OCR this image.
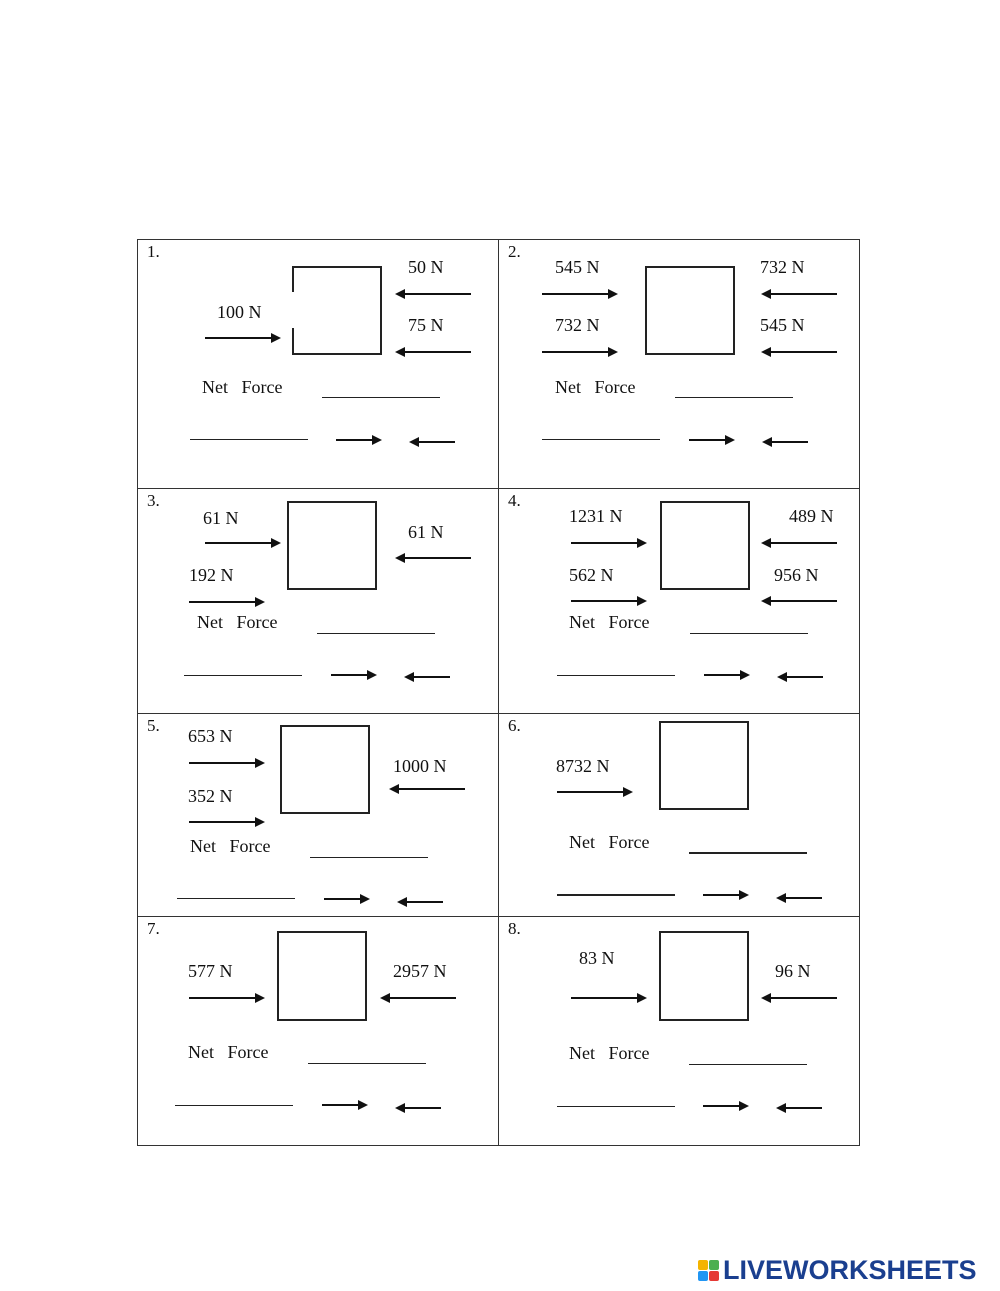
1.
100 N
50 N
75 N
Net   Force
2.
545 N
732 N
732 N
545 N
Net   Force
3.
61 N
192 N
61 N
Net   Force
4.
1231 N
562 N
489 N
956 N
Net   Force
5.
653 N
352 N
1000 N
Net   Force
6.
8732 N
Net   Force
7.
577 N	2957 N
Net   Force
8.
83 N
96 N
Net   Force
LIVEWORKSHEETS
